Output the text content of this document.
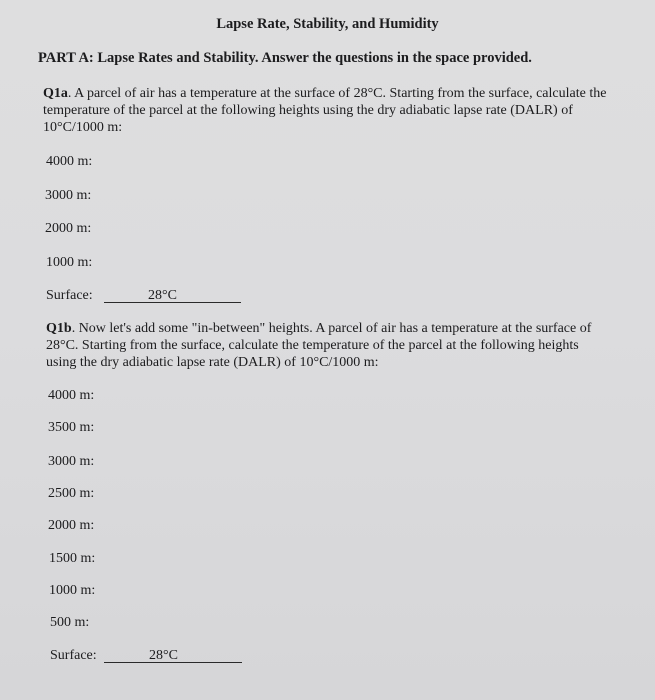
Lapse Rate, Stability, and Humidity
PART A: Lapse Rates and Stability. Answer the questions in the space provided.
Q1a. A parcel of air has a temperature at the surface of 28°C. Starting from the surface, calculate the temperature of the parcel at the following heights using the dry adiabatic lapse rate (DALR) of 10°C/1000 m:
4000 m:
3000 m:
2000 m:
1000 m:
Surface:	28°C
Q1b. Now let's add some "in-between" heights. A parcel of air has a temperature at the surface of 28°C. Starting from the surface, calculate the temperature of the parcel at the following heights using the dry adiabatic lapse rate (DALR) of 10°C/1000 m:
4000 m:
3500 m:
3000 m:
2500 m:
2000 m:
1500 m:
1000 m:
500 m:
Surface:	28°C
